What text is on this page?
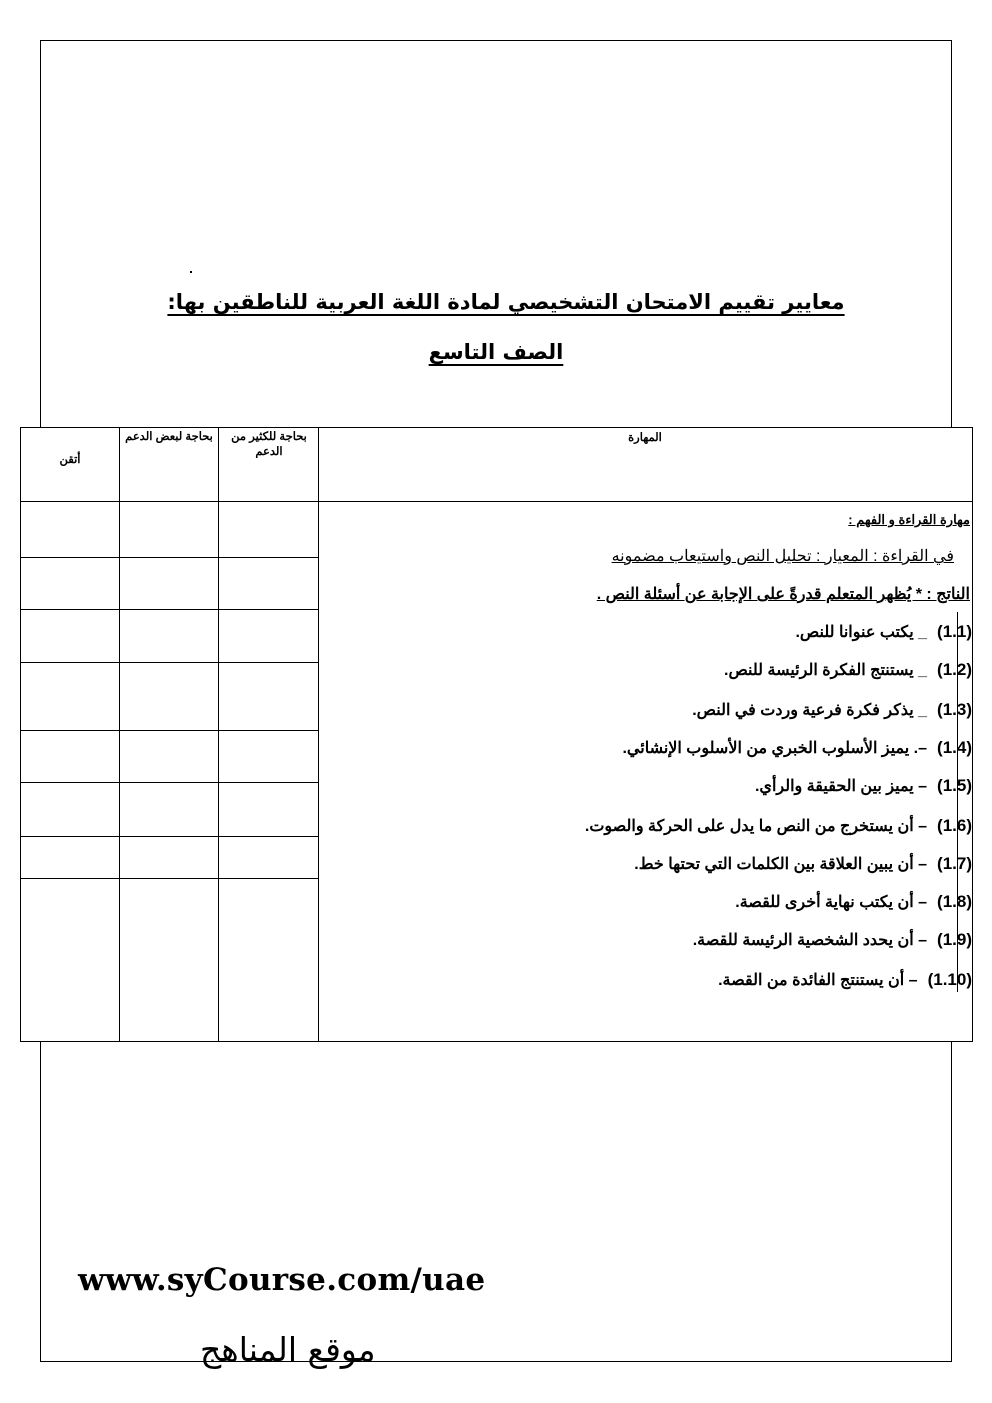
معايير تقييم الامتحان التشخيصي لمادة اللغة العربية للناطقين بها:
الصف التاسع
أتقن
بحاجة لبعض الدعم	بحاجة للكثير من الدعم
المهارة
مهارة القراءة و الفهم :
في القراءة : المعيار : تحليل النص واستيعاب مضمونه
الناتج : * يُظهر المتعلم قدرةً على الإجابة عن أسئلة النص .
(1.1)_ يكتب عنوانا للنص.
(1.2)_ يستنتج الفكرة الرئيسة للنص.
(1.3)_ يذكر فكرة فرعية وردت في النص.
(1.4)–. يميز الأسلوب الخبري من الأسلوب الإنشائي.
(1.5)– يميز بين الحقيقة والرأي.
(1.6)– أن يستخرج من النص ما يدل على الحركة والصوت.
(1.7)– أن يبين العلاقة بين الكلمات التي تحتها خط.
(1.8)– أن يكتب نهاية أخرى للقصة.
(1.9)– أن يحدد الشخصية الرئيسة للقصة.
(1.10)– أن يستنتج الفائدة من القصة.
www.syCourse.com/uae
موقع المناهج
